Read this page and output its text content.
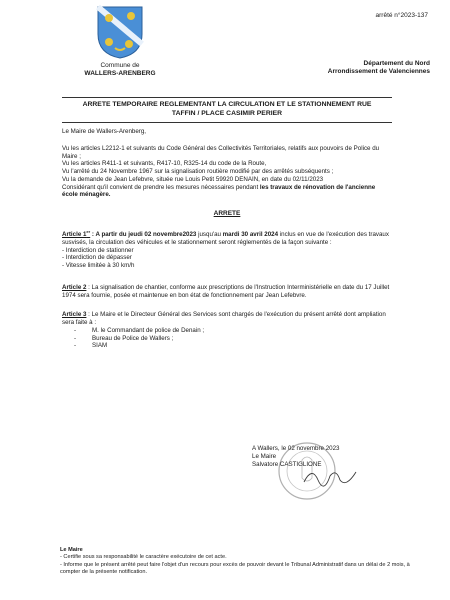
arrêté n°2023-137
Commune de
WALLERS-ARENBERG
Département du Nord
Arrondissement de Valenciennes
ARRETE TEMPORAIRE REGLEMENTANT LA CIRCULATION ET LE STATIONNEMENT RUE
TAFFIN / PLACE CASIMIR PERIER

Le Maire de Wallers-Arenberg,

Vu les articles L2212-1 et suivants du Code Général des Collectivités Territoriales, relatifs aux pouvoirs de Police du Maire ;

Vu les articles R411-1 et suivants, R417-10, R325-14 du code de la Route,

Vu l'arrêté du 24 Novembre 1967 sur la signalisation routière modifié par des arrêtés subséquents ;

Vu la demande de Jean Lefebvre, située rue Louis Petit 59920 DENAIN, en date du 02/11/2023

Considérant qu'il convient de prendre les mesures nécessaires pendant les travaux de rénovation de l'ancienne école ménagère.

ARRETE

Article 1er : A partir du jeudi 02 novembre2023 jusqu'au mardi 30 avril 2024 inclus en vue de l'exécution des travaux susvisés, la circulation des véhicules et le stationnement seront réglementés de la façon suivante :

- Interdiction de stationner
- Interdiction de dépasser
- Vitesse limitée à 30 km/h

Article 2 : La signalisation de chantier, conforme aux prescriptions de l'Instruction Interministérielle en date du 17 Juillet 1974 sera fournie, posée et maintenue en bon état de fonctionnement par Jean Lefebvre.

Article 3 : Le Maire et le Directeur Général des Services sont chargés de l'exécution du présent arrêté dont ampliation sera faite à :

- M. le Commandant de police de Denain ;
- Bureau de Police de Wallers ;
- SIAM
A Wallers, le 02 novembre 2023
Le Maire
Salvatore CASTIGLIONE
Le Maire
- Certifie sous sa responsabilité le caractère exécutoire de cet acte.
- Informe que le présent arrêté peut faire l'objet d'un recours pour excès de pouvoir devant le Tribunal Administratif dans un délai de 2 mois, à compter de la présente notification.
